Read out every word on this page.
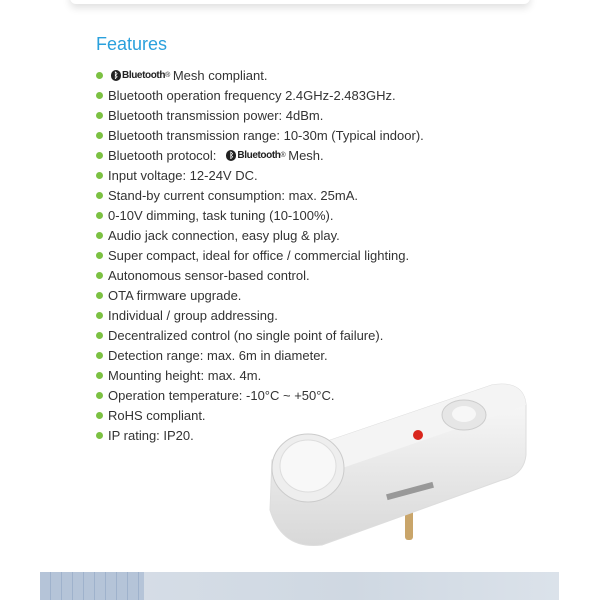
Features
ᛒ Bluetooth ® Mesh compliant.
Bluetooth operation frequency 2.4GHz-2.483GHz.
Bluetooth transmission power: 4dBm.
Bluetooth transmission range: 10-30m (Typical indoor).
Bluetooth protocol:	ᛒ Bluetooth ® Mesh.
Input voltage: 12-24V DC.
Stand-by current consumption: max. 25mA.
0-10V dimming, task tuning (10-100%).
Audio jack connection, easy plug & play.
Super compact, ideal for office / commercial lighting.
Autonomous sensor-based control.
OTA firmware upgrade.
Individual / group addressing.
Decentralized control (no single point of failure).
Detection range: max. 6m in diameter.
Mounting height: max. 4m.
Operation temperature: -10°C ~ +50°C.
RoHS compliant.
IP rating: IP20.
